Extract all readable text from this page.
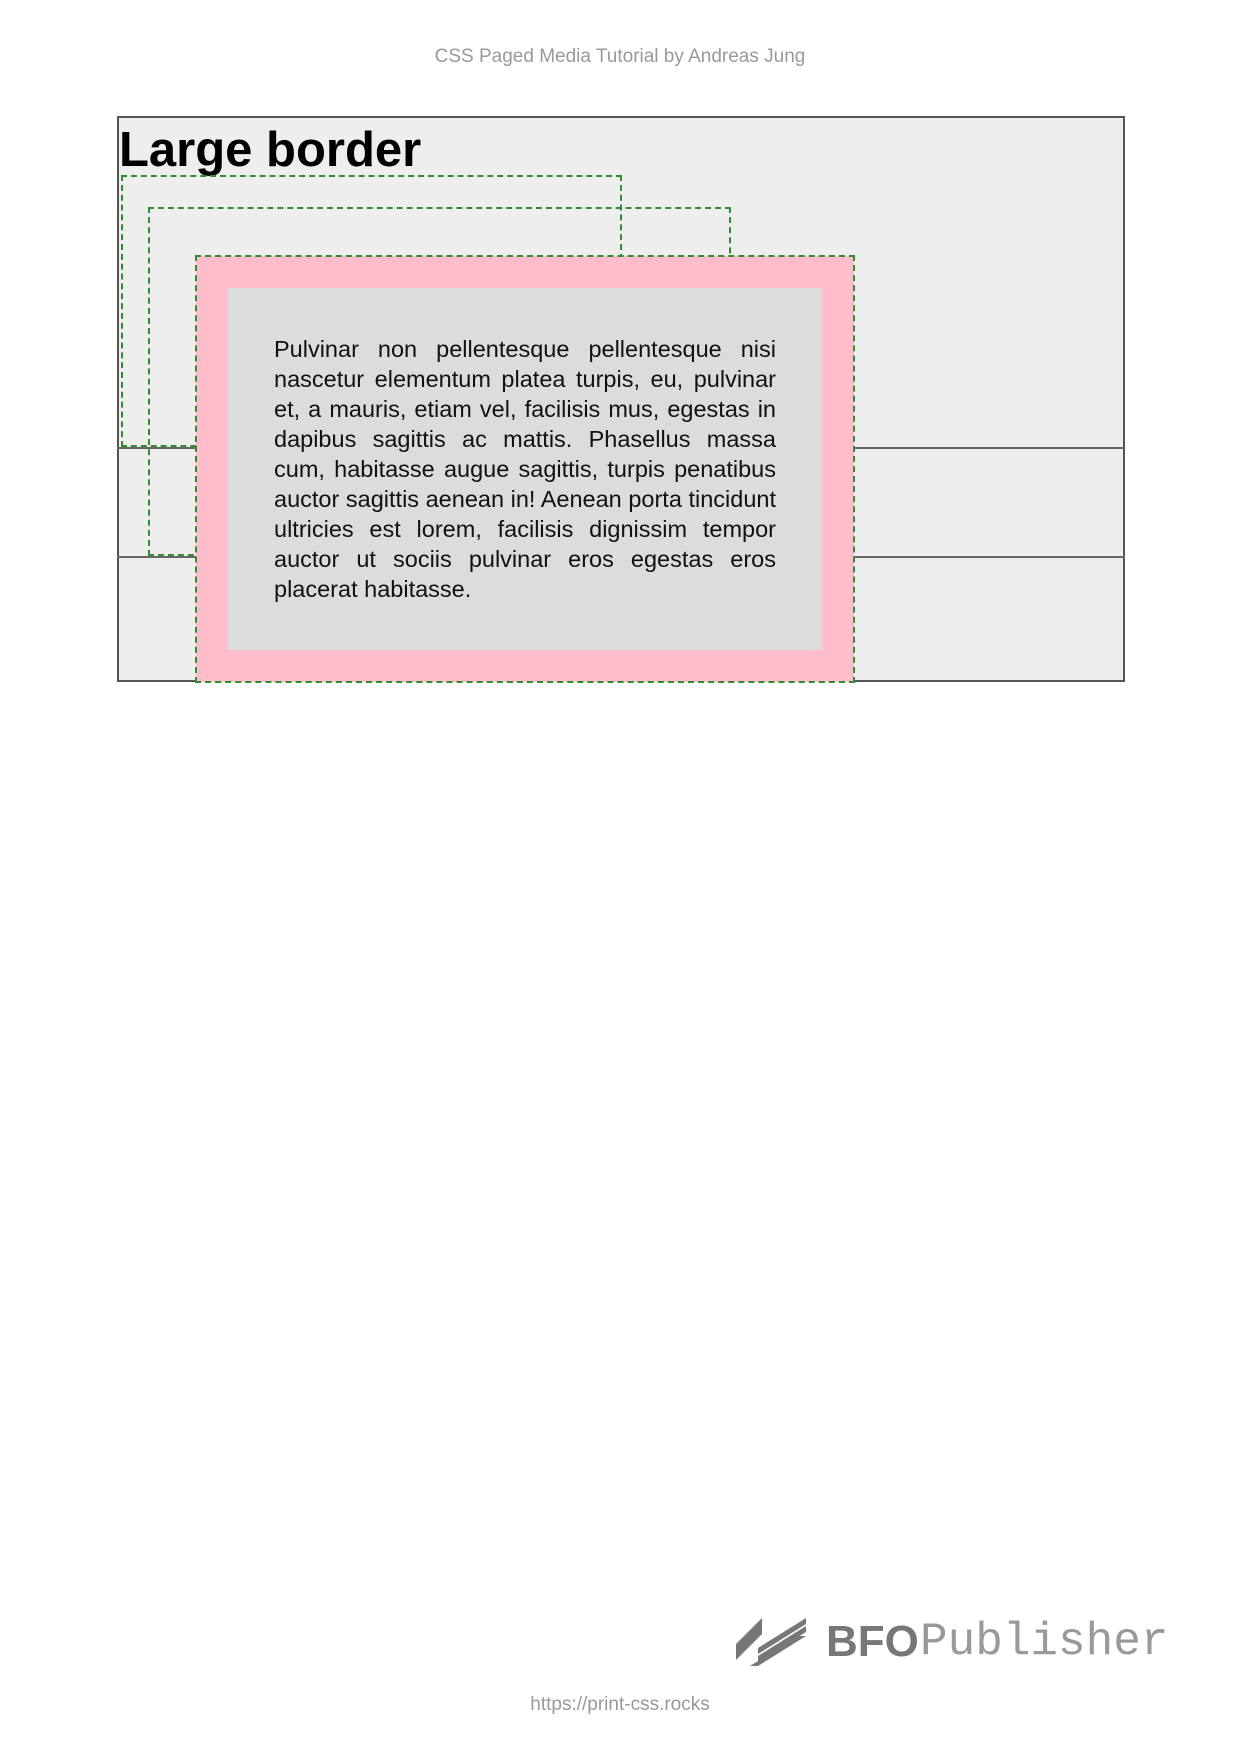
CSS Paged Media Tutorial by Andreas Jung
Large border

Pulvinar non pellentesque pellentesque nisi nascetur elementum platea turpis, eu, pulvinar et, a mauris, etiam vel, facilisis mus, egestas in dapibus sagittis ac mattis. Phasellus massa cum, habitasse augue sagittis, turpis penatibus auctor sagittis aenean in! Aenean porta tincidunt ultricies est lorem, facilisis dignissim tempor auctor ut sociis pulvinar eros egestas eros placerat habitasse.

BFO Publisher
https://print-css.rocks
